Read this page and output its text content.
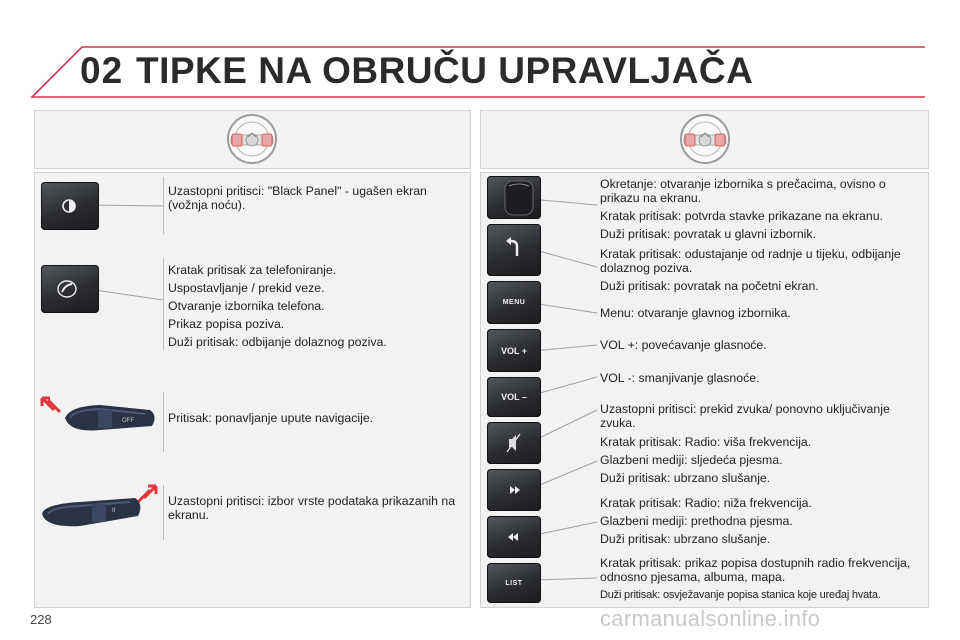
02 TIPKE NA OBRUČU UPRAVLJAČA
OFF
II

Uzastopni pritisci: "Black Panel" - ugašen ekran (vožnja noću).

Kratak pritisak za telefoniranje.

Uspostavljanje / prekid veze.

Otvaranje izbornika telefona.

Prikaz popisa poziva.

Duži pritisak: odbijanje dolaznog poziva.

Pritisak: ponavljanje upute navigacije.

Uzastopni pritisci: izbor vrste podataka prikazanih na ekranu.

MENU
VOL +
VOL –
LIST

Okretanje: otvaranje izbornika s prečacima, ovisno o prikazu na ekranu.

Kratak pritisak: potvrda stavke prikazane na ekranu.

Duži pritisak: povratak u glavni izbornik.

Kratak pritisak: odustajanje od radnje u tijeku, odbijanje dolaznog poziva.

Duži pritisak: povratak na početni ekran.

Menu: otvaranje glavnog izbornika.

VOL +: povećavanje glasnoće.

VOL -: smanjivanje glasnoće.

Uzastopni pritisci: prekid zvuka/ ponovno uključivanje zvuka.

Kratak pritisak: Radio: viša frekvencija.

Glazbeni mediji: sljedeća pjesma.

Duži pritisak: ubrzano slušanje.

Kratak pritisak: Radio: niža frekvencija.

Glazbeni mediji: prethodna pjesma.

Duži pritisak: ubrzano slušanje.

Kratak pritisak: prikaz popisa dostupnih radio frekvencija, odnosno pjesama, albuma, mapa.

Duži pritisak: osvježavanje popisa stanica koje uređaj hvata.

228	carmanualsonline.info
